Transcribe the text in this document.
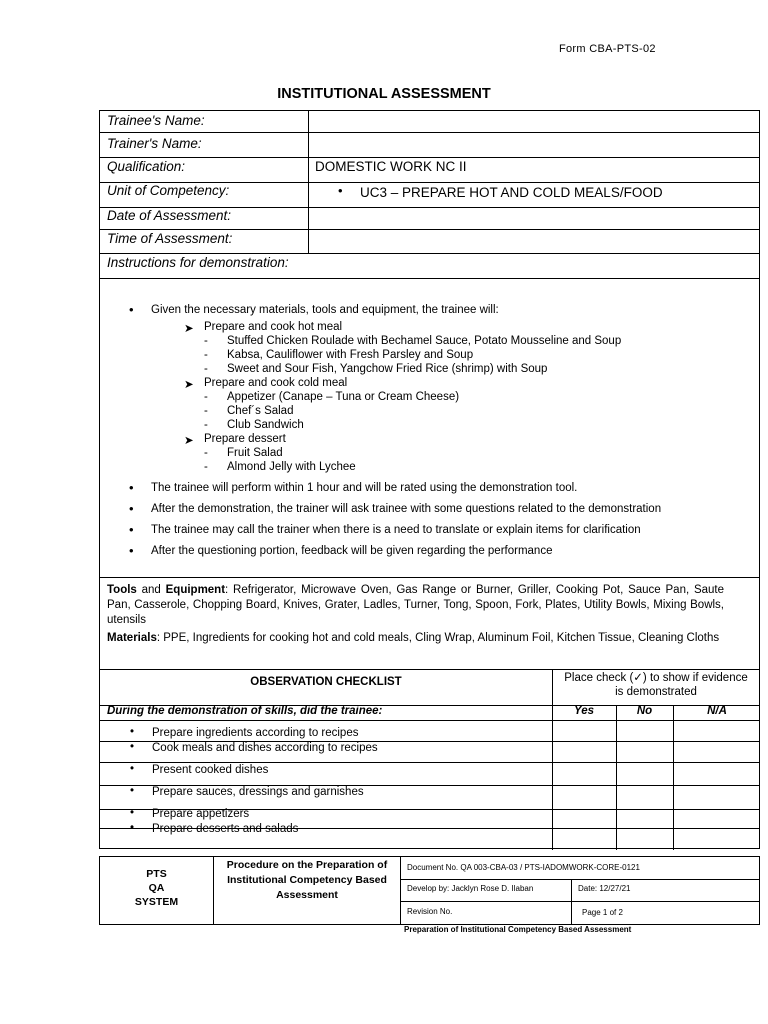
Form CBA-PTS-02
INSTITUTIONAL ASSESSMENT
Trainee's Name:
Trainer's Name:
Qualification:	DOMESTIC WORK NC II
Unit of Competency:
•	UC3 – PREPARE HOT AND COLD MEALS/FOOD
Date of Assessment:
Time of Assessment:
Instructions for demonstration:
• Given the necessary materials, tools and equipment, the trainee will:
➤ Prepare and cook hot meal
- Stuffed Chicken Roulade with Bechamel Sauce, Potato Mousseline and Soup
- Kabsa, Cauliflower with Fresh Parsley and Soup
- Sweet and Sour Fish, Yangchow Fried Rice (shrimp) with Soup
➤ Prepare and cook cold meal
- Appetizer (Canape – Tuna or Cream Cheese)
- Chef´s Salad
- Club Sandwich
➤ Prepare dessert
- Fruit Salad
- Almond Jelly with Lychee
• The trainee will perform within 1 hour and will be rated using the demonstration tool.
• After the demonstration, the trainer will ask trainee with some questions related to the demonstration
• The trainee may call the trainer when there is a need to translate or explain items for clarification
• After the questioning portion, feedback will be given regarding the performance
Tools and Equipment: Refrigerator, Microwave Oven, Gas Range or Burner, Griller, Cooking Pot, Sauce Pan, Saute Pan, Casserole, Chopping Board, Knives, Grater, Ladles, Turner, Tong, Spoon, Fork, Plates, Utility Bowls, Mixing Bowls, utensils
Materials: PPE, Ingredients for cooking hot and cold meals, Cling Wrap, Aluminum Foil, Kitchen Tissue, Cleaning Cloths
OBSERVATION CHECKLIST	Place check (✓) to show if evidence is demonstrated
During the demonstration of skills, did the trainee:	Yes	No	N/A
• Prepare ingredients according to recipes
• Cook meals and dishes according to recipes
• Present cooked dishes
• Prepare sauces, dressings and garnishes
• Prepare appetizers
• Prepare desserts and salads
PTS
QA
SYSTEM
Procedure on the Preparation of Institutional Competency Based Assessment
Document No. QA 003-CBA-03 / PTS-IADOMWORK-CORE-0121
Develop by: Jacklyn Rose D. Ilaban	Date: 12/27/21
Revision No.	Page 1 of 2
Preparation of Institutional Competency Based Assessment
